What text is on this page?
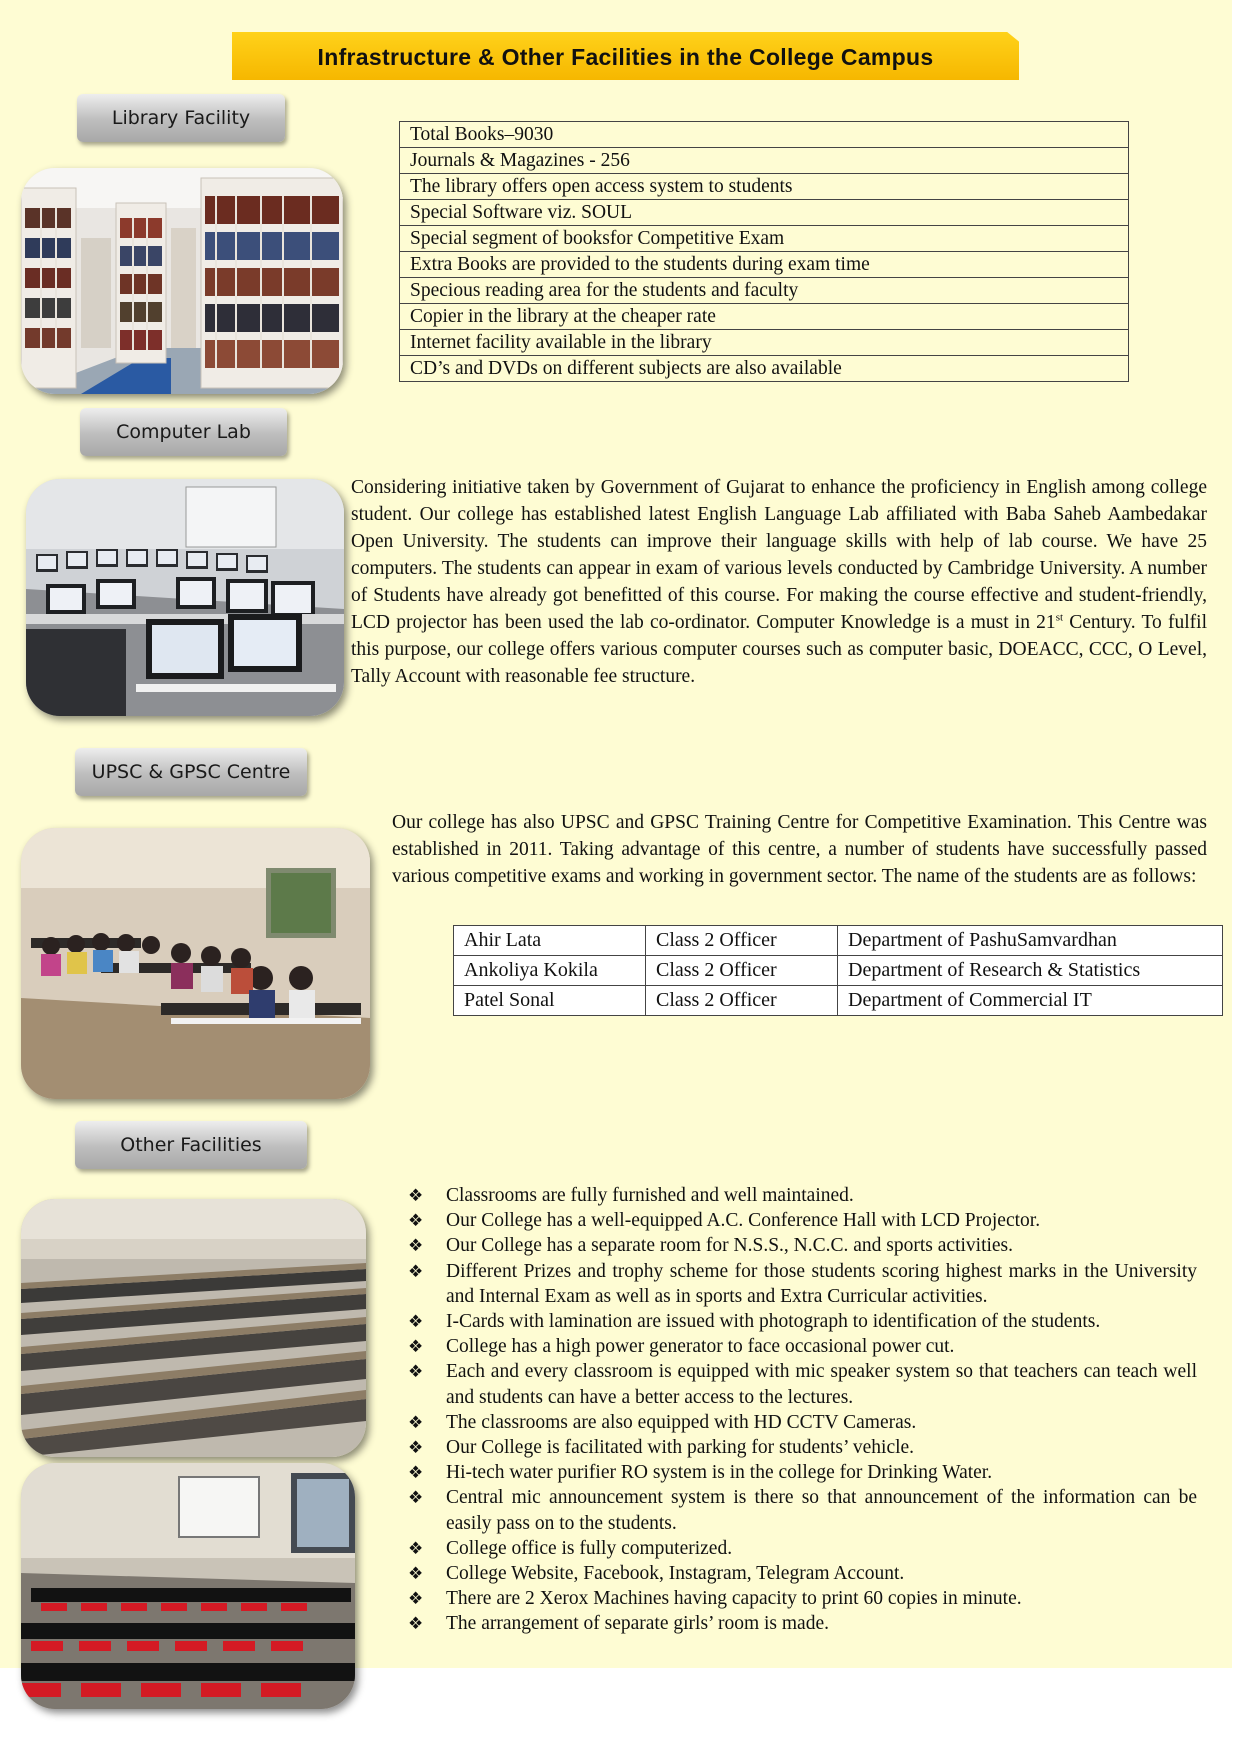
Infrastructure & Other Facilities in the College Campus
Library Facility
Total Books–9030
Journals & Magazines - 256
The library offers open access system to students
Special Software viz. SOUL
Special segment of booksfor Competitive Exam
Extra Books are provided to the students during exam time
Specious reading area for the students and faculty
Copier in the library at the cheaper rate
Internet facility available in the library
CD’s and DVDs on different subjects are also available
Computer Lab
Considering initiative taken by Government of Gujarat to enhance the proficiency in English among college student. Our college has established latest English Language Lab affiliated with Baba Saheb Aambedakar Open University. The students can improve their language skills with help of lab course. We have 25 computers. The students can appear in exam of various levels conducted by Cambridge University. A number of Students have already got benefitted of this course. For making the course effective and student-friendly, LCD projector has been used the lab co-ordinator. Computer Knowledge is a must in 21st Century. To fulfil this purpose, our college offers various computer courses such as computer basic, DOEACC, CCC, O Level, Tally Account with reasonable fee structure.
UPSC & GPSC Centre
Our college has also UPSC and GPSC Training Centre for Competitive Examination. This Centre was established in 2011. Taking advantage of this centre, a number of students have successfully passed various competitive exams and working in government sector. The name of the students are as follows:
Ahir Lata	Class 2 Officer	Department of PashuSamvardhan
Ankoliya Kokila	Class 2 Officer	Department of Research & Statistics
Patel Sonal	Class 2 Officer	Department of Commercial IT
Other Facilities
❖ Classrooms are fully furnished and well maintained.
❖ Our College has a well-equipped A.C. Conference Hall with LCD Projector.
❖ Our College has a separate room for N.S.S., N.C.C. and sports activities.
❖ Different Prizes and trophy scheme for those students scoring highest marks in the University and Internal Exam as well as in sports and Extra Curricular activities.
❖ I-Cards with lamination are issued with photograph to identification of the students.
❖ College has a high power generator to face occasional power cut.
❖ Each and every classroom is equipped with mic speaker system so that teachers can teach well and students can have a better access to the lectures.
❖ The classrooms are also equipped with HD CCTV Cameras.
❖ Our College is facilitated with parking for students’ vehicle.
❖ Hi-tech water purifier RO system is in the college for Drinking Water.
❖ Central mic announcement system is there so that announcement of the information can be easily pass on to the students.
❖ College office is fully computerized.
❖ College Website, Facebook, Instagram, Telegram Account.
❖ There are 2 Xerox Machines having capacity to print 60 copies in minute.
❖ The arrangement of separate girls’ room is made.
